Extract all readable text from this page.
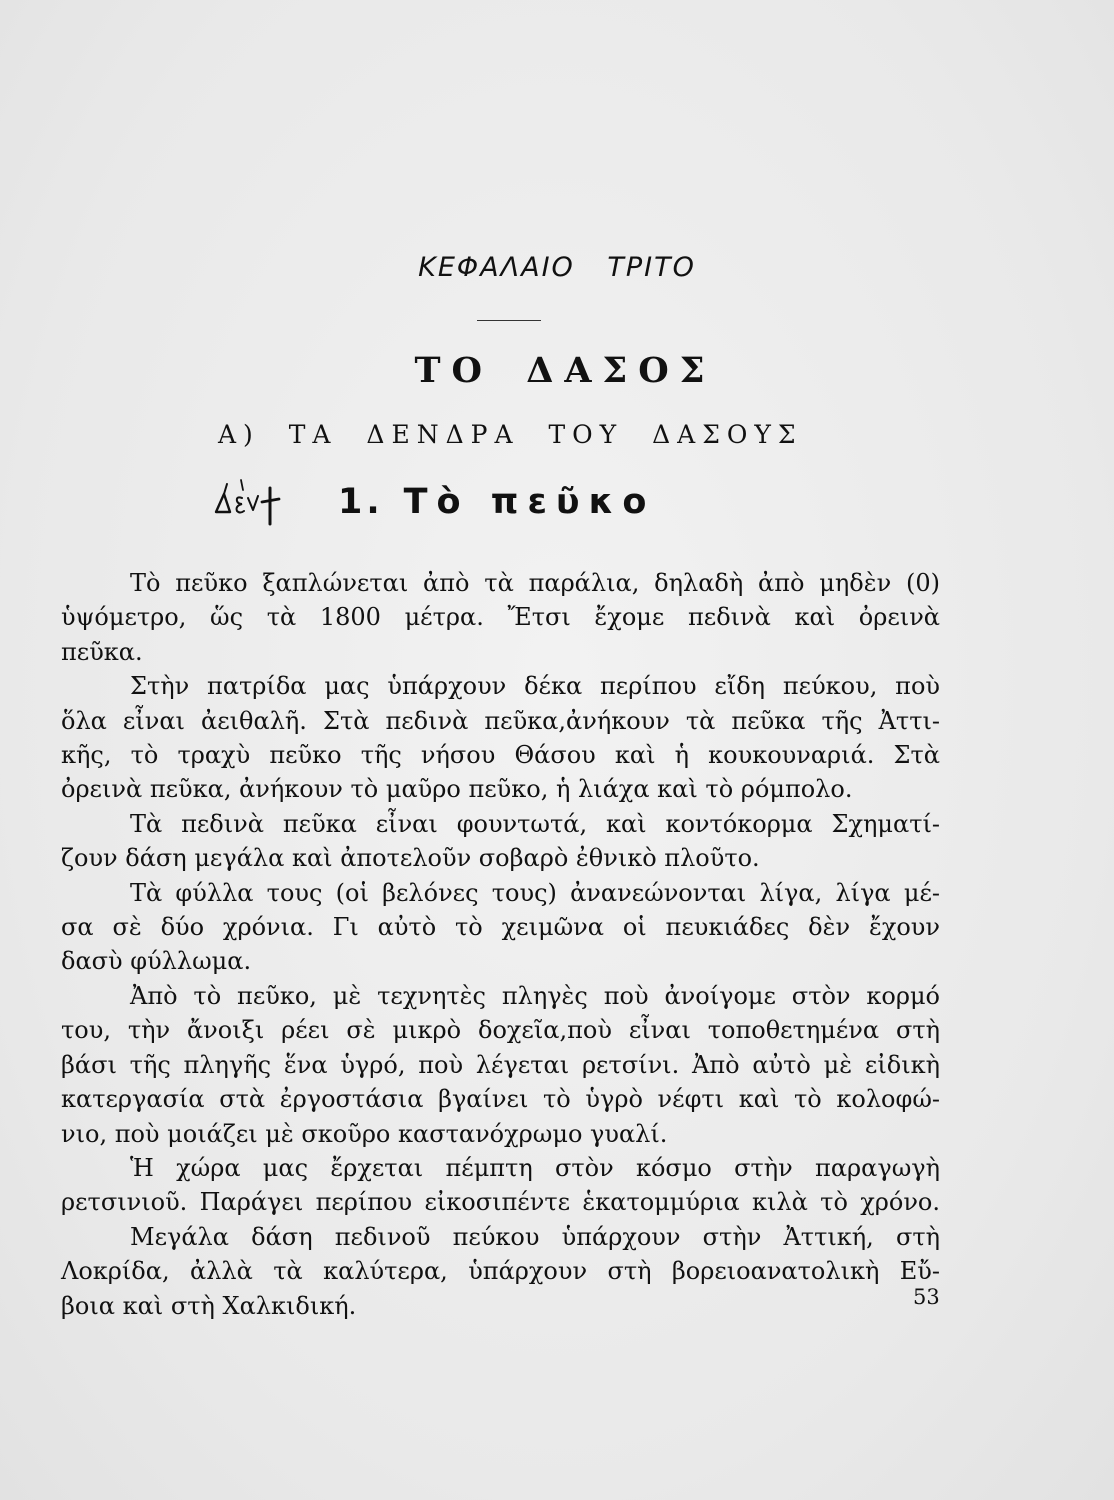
ΚΕΦΑΛΑΙΟ ΤΡΙΤΟ
ΤΟ ΔΑΣΟΣ
Α) ΤΑ ΔΕΝΔΡΑ ΤΟΥ ΔΑΣΟΥΣ
1. Τὸ πεῦκο
Τὸ πεῦκο ξαπλώνεται ἀπὸ τὰ παράλια, δηλαδὴ ἀπὸ μηδὲν (0)
ὑψόμετρο, ὥς τὰ 1800 μέτρα. Ἔτσι ἔχομε πεδινὰ καὶ ὀρεινὰ
πεῦκα.
Στὴν πατρίδα μας ὑπάρχουν δέκα περίπου εἴδη πεύκου, ποὺ
ὅλα εἶναι ἀειθαλῆ. Στὰ πεδινὰ πεῦκα,ἀνήκουν τὰ πεῦκα τῆς Ἀττι-
κῆς, τὸ τραχὺ πεῦκο τῆς νήσου Θάσου καὶ ἡ κουκουναριά. Στὰ
ὀρεινὰ πεῦκα, ἀνήκουν τὸ μαῦρο πεῦκο, ἡ λιάχα καὶ τὸ ρόμπολο.
Τὰ πεδινὰ πεῦκα εἶναι φουντωτά, καὶ κοντόκορμα Σχηματί-
ζουν δάση μεγάλα καὶ ἀποτελοῦν σοβαρὸ ἐθνικὸ πλοῦτο.
Τὰ φύλλα τους (οἱ βελόνες τους) ἀνανεώνονται λίγα, λίγα μέ-
σα σὲ δύο χρόνια. Γι αὐτὸ τὸ χειμῶνα οἱ πευκιάδες δὲν ἔχουν
δασὺ φύλλωμα.
Ἀπὸ τὸ πεῦκο, μὲ τεχνητὲς πληγὲς ποὺ ἀνοίγομε στὸν κορμό
του, τὴν ἄνοιξι ρέει σὲ μικρὸ δοχεῖα,ποὺ εἶναι τοποθετημένα στὴ
βάσι τῆς πληγῆς ἕνα ὑγρό, ποὺ λέγεται ρετσίνι. Ἀπὸ αὐτὸ μὲ εἰδικὴ
κατεργασία στὰ ἐργοστάσια βγαίνει τὸ ὑγρὸ νέφτι καὶ τὸ κολοφώ-
νιο, ποὺ μοιάζει μὲ σκοῦρο καστανόχρωμο γυαλί.
Ἡ χώρα μας ἔρχεται πέμπτη στὸν κόσμο στὴν παραγωγὴ
ρετσινιοῦ. Παράγει περίπου εἰκοσιπέντε ἑκατομμύρια κιλὰ τὸ χρόνο.
Μεγάλα δάση πεδινοῦ πεύκου ὑπάρχουν στὴν Ἀττική, στὴ
Λοκρίδα, ἀλλὰ τὰ καλύτερα, ὑπάρχουν στὴ βορειοανατολικὴ Εὔ-
βοια καὶ στὴ Χαλκιδική.	53
